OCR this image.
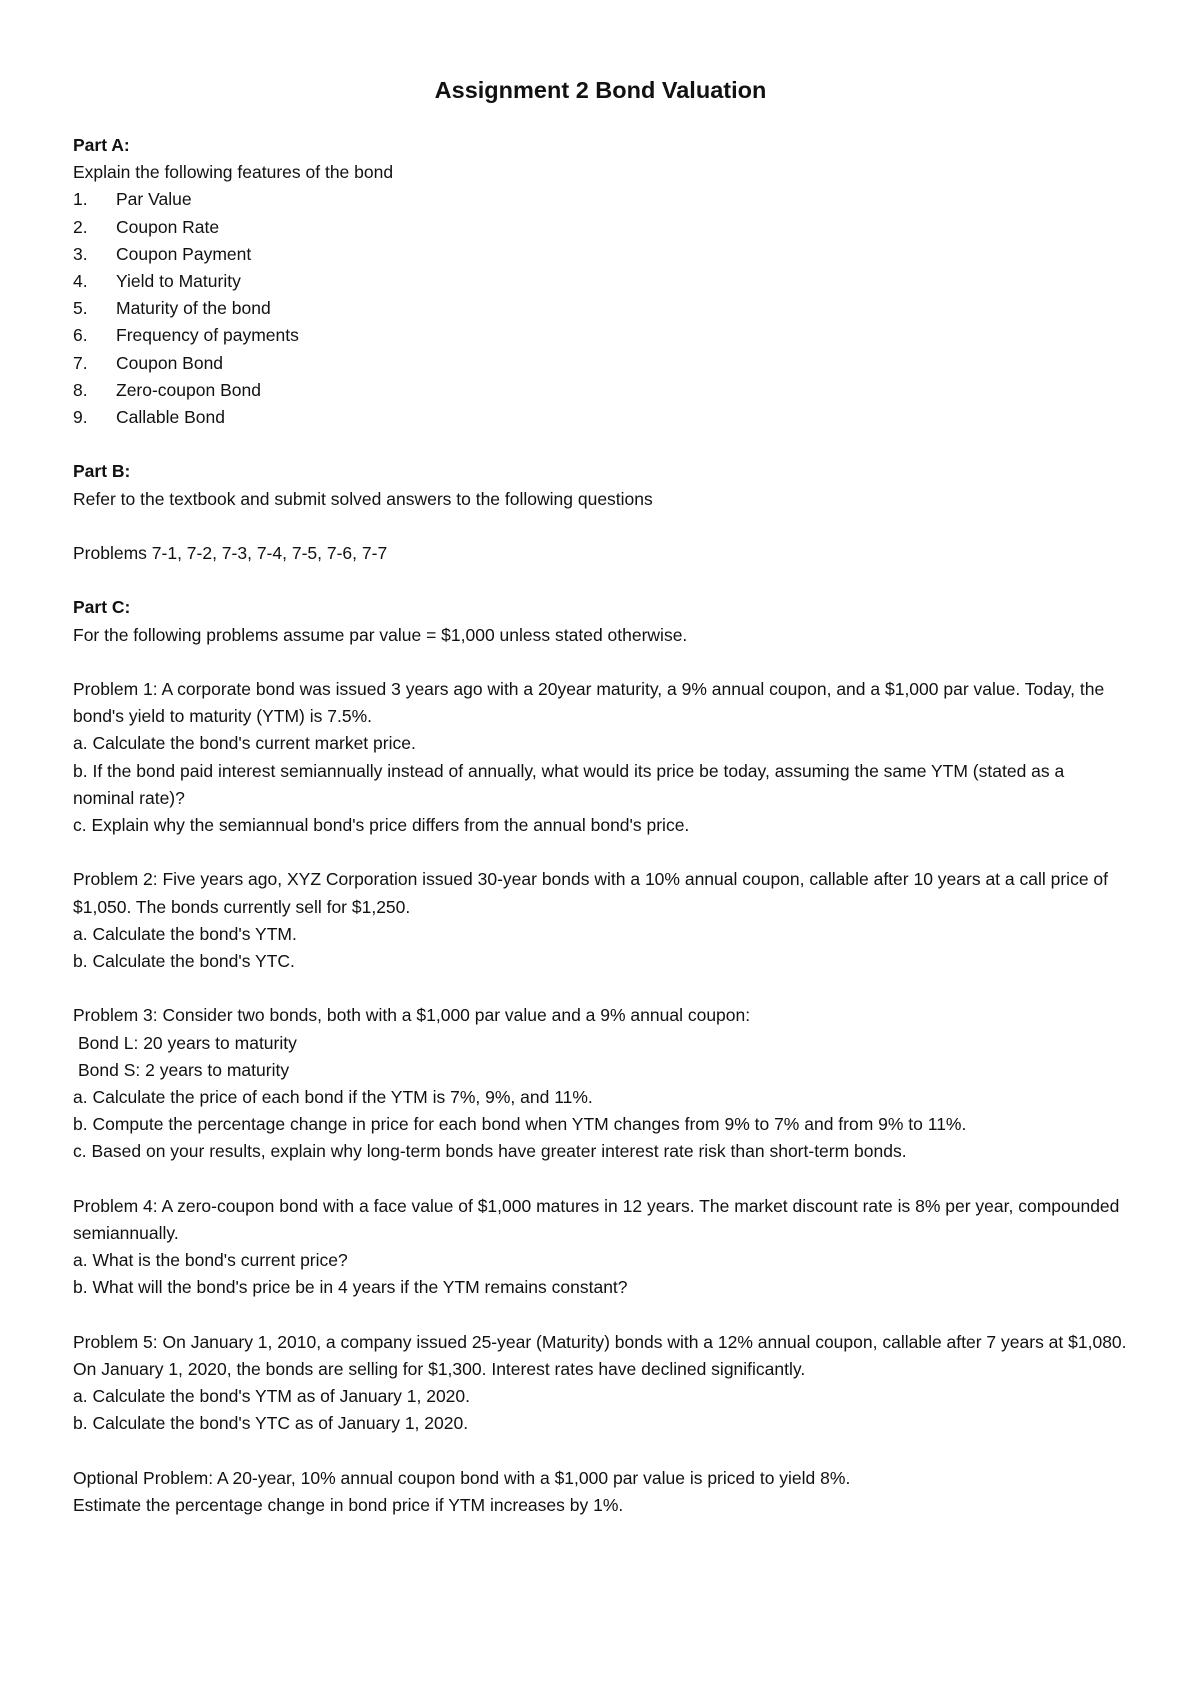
Assignment 2 Bond Valuation

Part A:

Explain the following features of the bond

1.	Par Value
2.	Coupon Rate
3.	Coupon Payment
4.	Yield to Maturity
5.	Maturity of the bond
6.	Frequency of payments
7.	Coupon Bond
8.	Zero-coupon Bond
9.	Callable Bond

Part B:

Refer to the textbook and submit solved answers to the following questions

Problems 7-1, 7-2, 7-3, 7-4, 7-5, 7-6, 7-7

Part C:

For the following problems assume par value = $1,000 unless stated otherwise.

Problem 1: A corporate bond was issued 3 years ago with a 20year maturity, a 9% annual coupon, and a $1,000 par value. Today, the bond's yield to maturity (YTM) is 7.5%.

a. Calculate the bond's current market price.

b. If the bond paid interest semiannually instead of annually, what would its price be today, assuming the same YTM (stated as a nominal rate)?

c. Explain why the semiannual bond's price differs from the annual bond's price.

Problem 2: Five years ago, XYZ Corporation issued 30-year bonds with a 10% annual coupon, callable after 10 years at a call price of $1,050. The bonds currently sell for $1,250.

a. Calculate the bond's YTM.

b. Calculate the bond's YTC.

Problem 3: Consider two bonds, both with a $1,000 par value and a 9% annual coupon:

Bond L: 20 years to maturity

Bond S: 2 years to maturity

a. Calculate the price of each bond if the YTM is 7%, 9%, and 11%.

b. Compute the percentage change in price for each bond when YTM changes from 9% to 7% and from 9% to 11%.

c. Based on your results, explain why long-term bonds have greater interest rate risk than short-term bonds.

Problem 4: A zero-coupon bond with a face value of $1,000 matures in 12 years. The market discount rate is 8% per year, compounded semiannually.

a. What is the bond's current price?

b. What will the bond's price be in 4 years if the YTM remains constant?

Problem 5: On January 1, 2010, a company issued 25-year (Maturity) bonds with a 12% annual coupon, callable after 7 years at $1,080. On January 1, 2020, the bonds are selling for $1,300. Interest rates have declined significantly.

a. Calculate the bond's YTM as of January 1, 2020.

b. Calculate the bond's YTC as of January 1, 2020.

Optional Problem: A 20-year, 10% annual coupon bond with a $1,000 par value is priced to yield 8%.

Estimate the percentage change in bond price if YTM increases by 1%.
